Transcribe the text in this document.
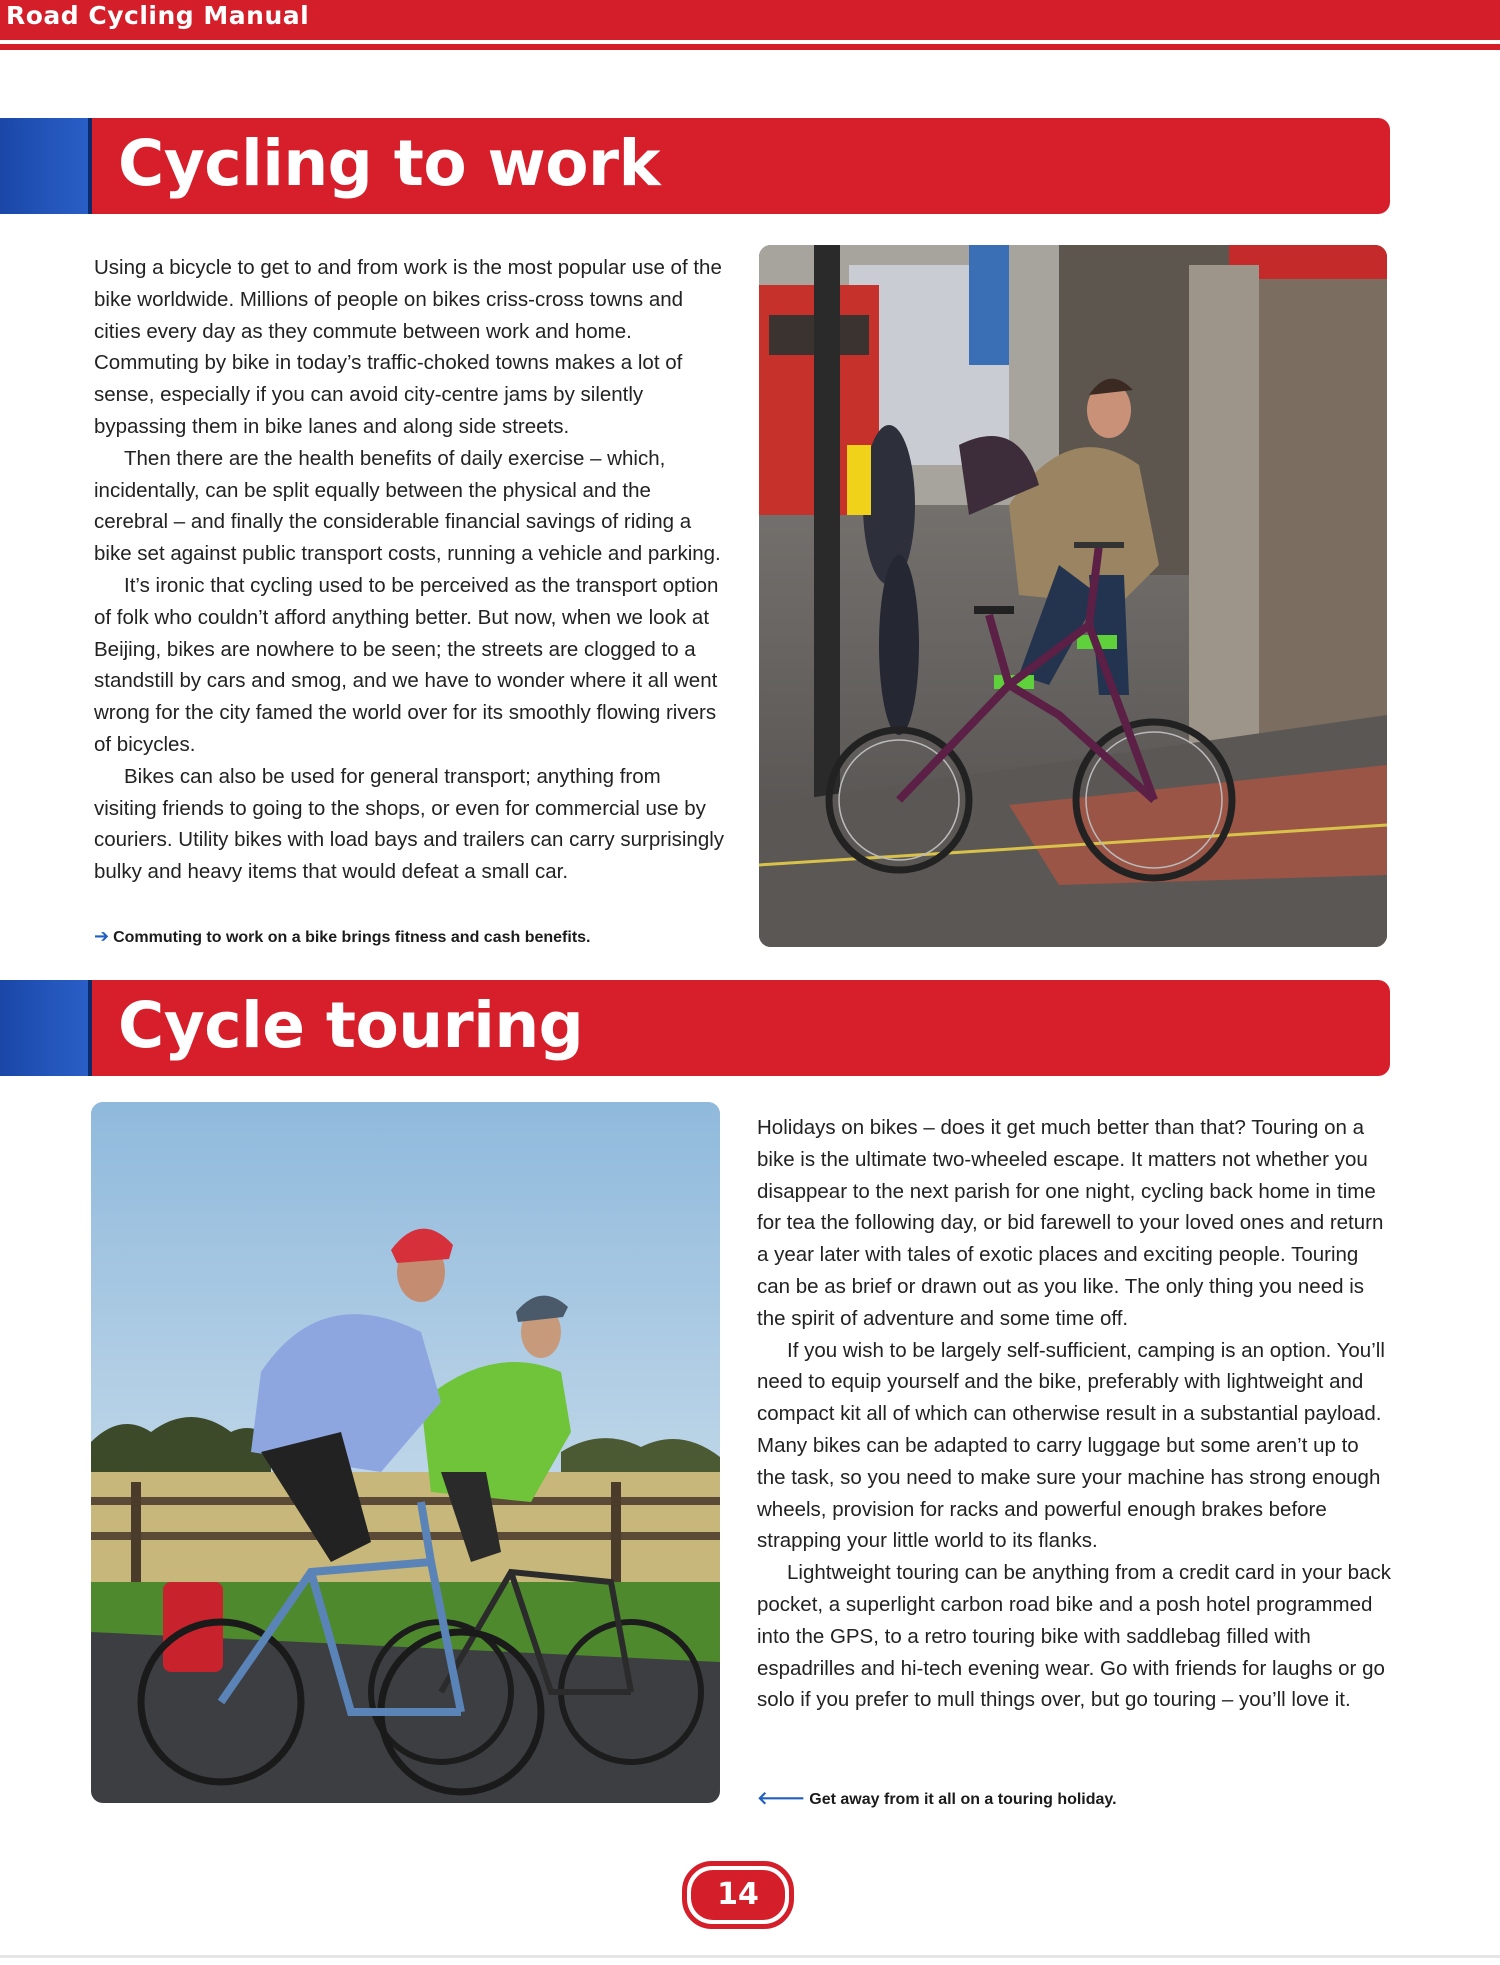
Road Cycling Manual
Cycling to work

Using a bicycle to get to and from work is the most popular use of the bike worldwide. Millions of people on bikes criss-cross towns and cities every day as they commute between work and home. Commuting by bike in today’s traffic-choked towns makes a lot of sense, especially if you can avoid city-centre jams by silently bypassing them in bike lanes and along side streets.

Then there are the health benefits of daily exercise – which, incidentally, can be split equally between the physical and the cerebral – and finally the considerable financial savings of riding a bike set against public transport costs, running a vehicle and parking.

It’s ironic that cycling used to be perceived as the transport option of folk who couldn’t afford anything better. But now, when we look at Beijing, bikes are nowhere to be seen; the streets are clogged to a standstill by cars and smog, and we have to wonder where it all went wrong for the city famed the world over for its smoothly flowing rivers of bicycles.

Bikes can also be used for general transport; anything from visiting friends to going to the shops, or even for commercial use by couriers. Utility bikes with load bays and trailers can carry surprisingly bulky and heavy items that would defeat a small car.

➔ Commuting to work on a bike brings fitness and cash benefits.
Cycle touring

Holidays on bikes – does it get much better than that? Touring on a bike is the ultimate two-wheeled escape. It matters not whether you disappear to the next parish for one night, cycling back home in time for tea the following day, or bid farewell to your loved ones and return a year later with tales of exotic places and exciting people. Touring can be as brief or drawn out as you like. The only thing you need is the spirit of adventure and some time off.

If you wish to be largely self-sufficient, camping is an option. You’ll need to equip yourself and the bike, preferably with lightweight and compact kit all of which can otherwise result in a substantial payload. Many bikes can be adapted to carry luggage but some aren’t up to the task, so you need to make sure your machine has strong enough wheels, provision for racks and powerful enough brakes before strapping your little world to its flanks.

Lightweight touring can be anything from a credit card in your back pocket, a superlight carbon road bike and a posh hotel programmed into the GPS, to a retro touring bike with saddlebag filled with espadrilles and hi-tech evening wear. Go with friends for laughs or go solo if you prefer to mull things over, but go touring – you’ll love it.

🡐 Get away from it all on a touring holiday.
14
